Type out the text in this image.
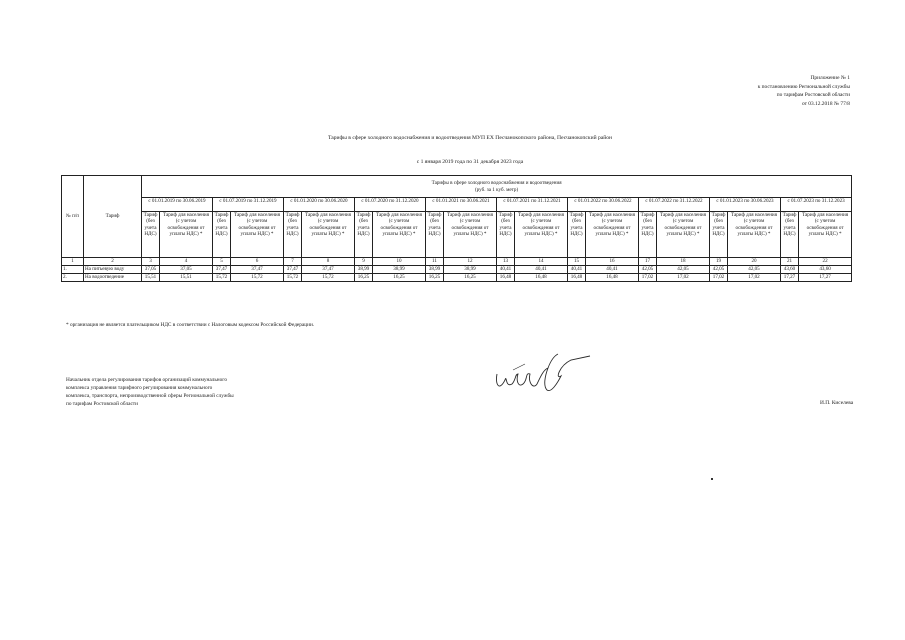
Приложение № 1
к постановлению Региональной службы
по тарифам Ростовской области
от 03.12.2018 № 77/8
Тарифы в сфере холодного водоснабжения и водоотведения МУП ЕХ Песчанокопского района, Песчанокопский район
с 1 января 2019 года по 31 декабря 2023 года
№ п/п	Тариф	Тарифы в сфере холодного водоснабжения и водоотведения
(руб. за 1 куб. метр)																			

		с 01.01.2019 по 30.06.2019		с 01.07.2019 по 31.12.2019		с 01.01.2020 по 30.06.2020		с 01.07.2020 по 31.12.2020		с 01.01.2021 по 30.06.2021		с 01.07.2021 по 31.12.2021		с 01.01.2022 по 30.06.2022		с 01.07.2022 по 31.12.2022		с 01.01.2023 по 30.06.2023		с 01.07.2023 по 31.12.2023	
		Тариф (без учета НДС)	Тариф для населения (с учетом освобождения от уплаты НДС) *	Тариф (без учета НДС)	Тариф для населения (с учетом освобождения от уплаты НДС) *	Тариф (без учета НДС)	Тариф для населения (с учетом освобождения от уплаты НДС) *	Тариф (без учета НДС)	Тариф для населения (с учетом освобождения от уплаты НДС) *	Тариф (без учета НДС)	Тариф для населения (с учетом освобождения от уплаты НДС) *	Тариф (без учета НДС)	Тариф для населения (с учетом освобождения от уплаты НДС) *	Тариф (без учета НДС)	Тариф для населения (с учетом освобождения от уплаты НДС) *	Тариф (без учета НДС)	Тариф для населения (с учетом освобождения от уплаты НДС) *	Тариф (без учета НДС)	Тариф для населения (с учетом освобождения от уплаты НДС) *	Тариф (без учета НДС)	Тариф для населения (с учетом освобождения от уплаты НДС) *
1	2	3	4	5	6	7	8	9	10	11	12	13	14	15	16	17	18	19	20	21	22
1.	На питьевую воду	37,05	37,05	37,47	37,47	37,47	37,47	38,99	38,99	38,99	38,99	40,41	40,41	40,41	40,41	42,05	42,05	42,05	42,05	43,60	43,60
2.	На водоотведение	15,51	15,51	15,72	15,72	15,72	15,72	16,25	16,25	16,25	16,25	16,48	16,48	16,48	16,48	17,02	17,02	17,02	17,02	17,27	17,27
* организация не является плательщиком НДС в соответствии с Налоговым кодексом Российской Федерации.
Начальник отдела регулирования тарифов организаций коммунального
комплекса управления тарифного регулирования коммунального
комплекса, транспорта, непроизводственной сферы Региональной службы
по тарифам Ростовской области	И.П. Киселева
